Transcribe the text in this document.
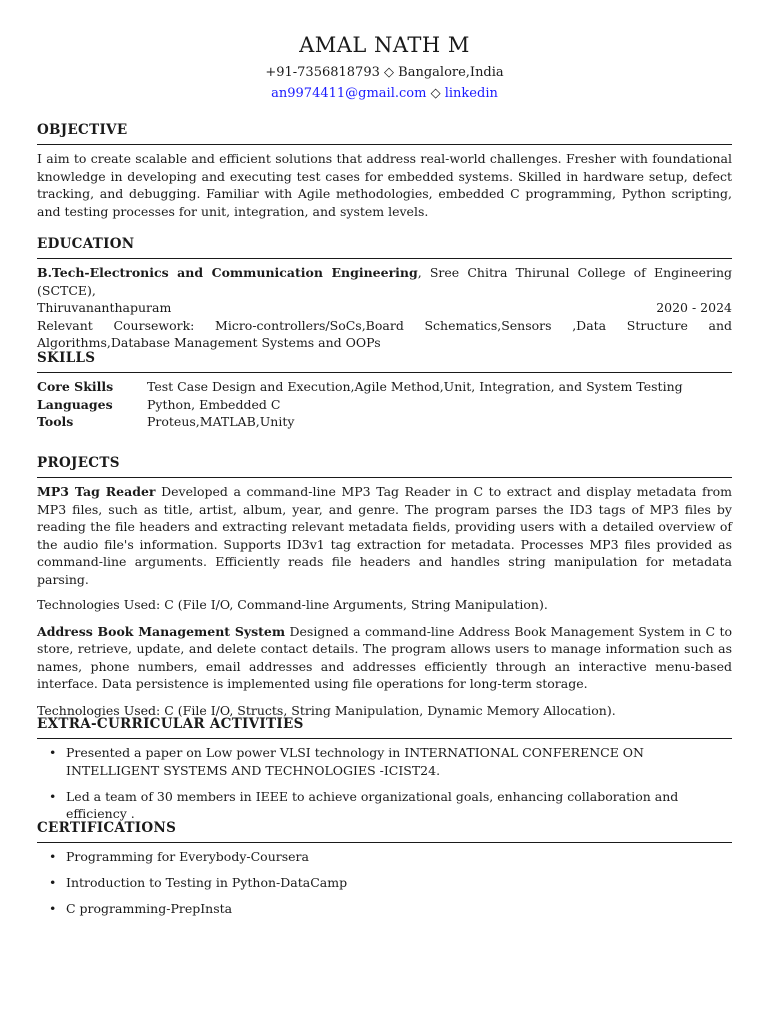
AMAL NATH M
+91-7356818793 ◇ Bangalore,India
an9974411@gmail.com ◇ linkedin
OBJECTIVE

I aim to create scalable and efficient solutions that address real-world challenges. Fresher with foundational knowledge in developing and executing test cases for embedded systems. Skilled in hardware setup, defect tracking, and debugging. Familiar with Agile methodologies, embedded C programming, Python scripting, and testing processes for unit, integration, and system levels.

EDUCATION

B.Tech-Electronics and Communication Engineering, Sree Chitra Thirunal College of Engineering (SCTCE),

Thiruvananthapuram	2020 - 2024

Relevant Coursework: Micro-controllers/SoCs,Board Schematics,Sensors ,Data Structure and Algorithms,Database Management Systems and OOPs

SKILLS
Core Skills	Test Case Design and Execution,Agile Method,Unit, Integration, and System Testing
Languages	Python, Embedded C
Tools	Proteus,MATLAB,Unity
PROJECTS

MP3 Tag Reader Developed a command-line MP3 Tag Reader in C to extract and display metadata from MP3 files, such as title, artist, album, year, and genre. The program parses the ID3 tags of MP3 files by reading the file headers and extracting relevant metadata fields, providing users with a detailed overview of the audio file's information. Supports ID3v1 tag extraction for metadata. Processes MP3 files provided as command-line arguments. Efficiently reads file headers and handles string manipulation for metadata parsing.

Technologies Used: C (File I/O, Command-line Arguments, String Manipulation).

Address Book Management System Designed a command-line Address Book Management System in C to store, retrieve, update, and delete contact details. The program allows users to manage information such as names, phone numbers, email addresses and addresses efficiently through an interactive menu-based interface. Data persistence is implemented using file operations for long-term storage.

Technologies Used: C (File I/O, Structs, String Manipulation, Dynamic Memory Allocation).

EXTRA-CURRICULAR ACTIVITIES
• Presented a paper on Low power VLSI technology in INTERNATIONAL CONFERENCE ON INTELLIGENT SYSTEMS AND TECHNOLOGIES -ICIST24.
• Led a team of 30 members in IEEE to achieve organizational goals, enhancing collaboration and efficiency .
CERTIFICATIONS
• Programming for Everybody-Coursera
• Introduction to Testing in Python-DataCamp
• C programming-PrepInsta
